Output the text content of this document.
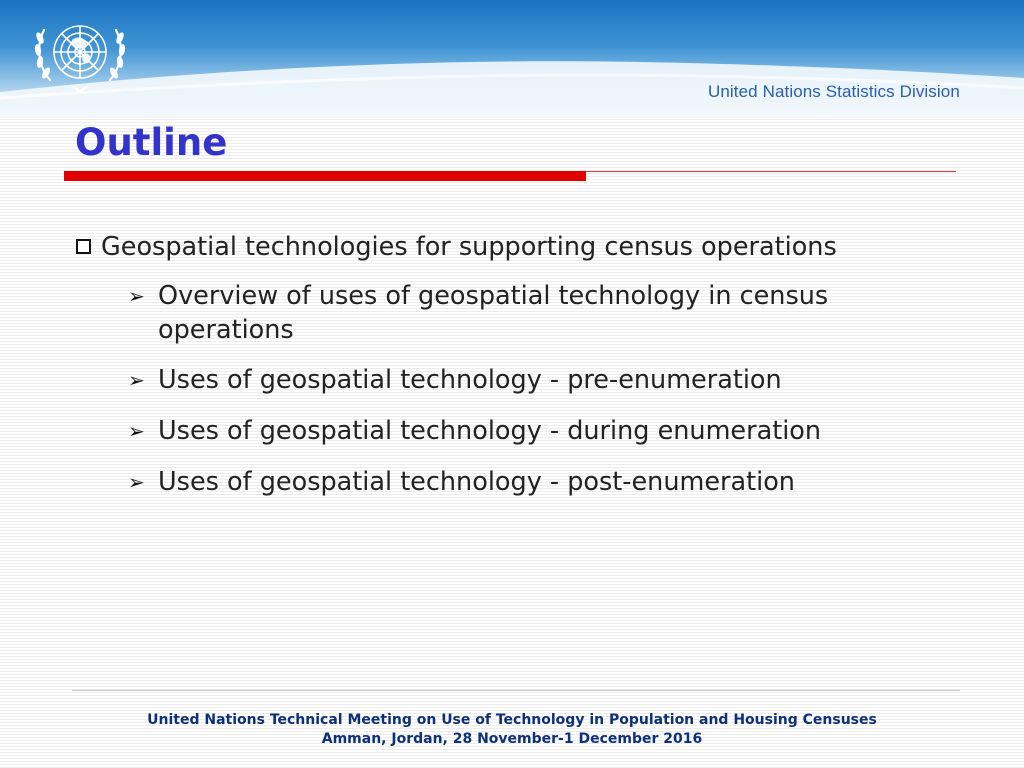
United Nations Statistics Division
Outline
Geospatial technologies for supporting census operations
➢ Overview of uses of geospatial technology in census operations
➢ Uses of geospatial technology - pre-enumeration
➢ Uses of geospatial technology - during enumeration
➢ Uses of geospatial technology - post-enumeration
United Nations Technical Meeting on Use of Technology in Population and Housing Censuses
Amman, Jordan, 28 November-1 December 2016
